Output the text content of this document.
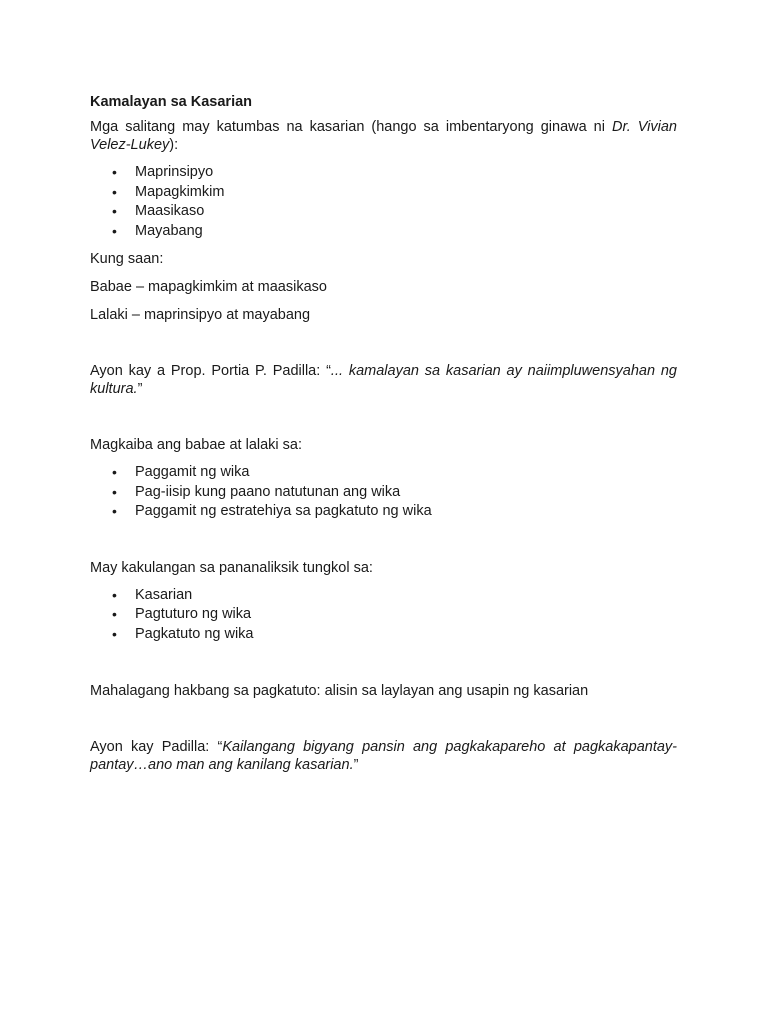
Kamalayan sa Kasarian

Mga salitang may katumbas na kasarian (hango sa imbentaryong ginawa ni Dr. Vivian Velez-Lukey):

• Maprinsipyo
• Mapagkimkim
• Maasikaso
• Mayabang

Kung saan:

Babae – mapagkimkim at maasikaso

Lalaki – maprinsipyo at mayabang

Ayon kay a Prop. Portia P. Padilla: “... kamalayan sa kasarian ay naiimpluwensyahan ng kultura.”

Magkaiba ang babae at lalaki sa:

• Paggamit ng wika
• Pag-iisip kung paano natutunan ang wika
• Paggamit ng estratehiya sa pagkatuto ng wika

May kakulangan sa pananaliksik tungkol sa:

• Kasarian
• Pagtuturo ng wika
• Pagkatuto ng wika

Mahalagang hakbang sa pagkatuto: alisin sa laylayan ang usapin ng kasarian

Ayon kay Padilla: “Kailangang bigyang pansin ang pagkakapareho at pagkakapantay-pantay…ano man ang kanilang kasarian.”
